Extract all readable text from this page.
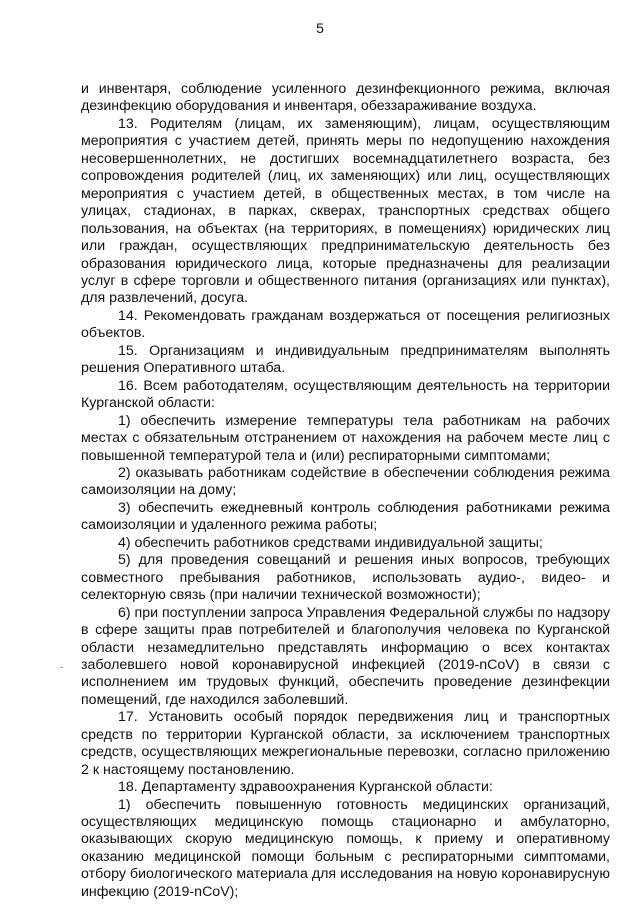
5

и инвентаря, соблюдение усиленного дезинфекционного режима, включая дезинфекцию оборудования и инвентаря, обеззараживание воздуха.

13. Родителям (лицам, их заменяющим), лицам, осуществляющим мероприятия с участием детей, принять меры по недопущению нахождения несовершеннолетних, не достигших восемнадцатилетнего возраста, без сопровождения родителей (лиц, их заменяющих) или лиц, осуществляющих мероприятия с участием детей, в общественных местах, в том числе на улицах, стадионах, в парках, скверах, транспортных средствах общего пользования, на объектах (на территориях, в помещениях) юридических лиц или граждан, осуществляющих предпринимательскую деятельность без образования юридического лица, которые предназначены для реализации услуг в сфере торговли и общественного питания (организациях или пунктах), для развлечений, досуга.

14. Рекомендовать гражданам воздержаться от посещения религиозных объектов.

15. Организациям и индивидуальным предпринимателям выполнять решения Оперативного штаба.

16. Всем работодателям, осуществляющим деятельность на территории Курганской области:

1) обеспечить измерение температуры тела работникам на рабочих местах с обязательным отстранением от нахождения на рабочем месте лиц с повышенной температурой тела и (или) респираторными симптомами;

2) оказывать работникам содействие в обеспечении соблюдения режима самоизоляции на дому;

3) обеспечить ежедневный контроль соблюдения работниками режима самоизоляции и удаленного режима работы;

4) обеспечить работников средствами индивидуальной защиты;

5) для проведения совещаний и решения иных вопросов, требующих совместного пребывания работников, использовать аудио-, видео- и селекторную связь (при наличии технической возможности);

6) при поступлении запроса Управления Федеральной службы по надзору в сфере защиты прав потребителей и благополучия человека по Курганской области незамедлительно представлять информацию о всех контактах заболевшего новой коронавирусной инфекцией (2019-nCoV) в связи с исполнением им трудовых функций, обеспечить проведение дезинфекции помещений, где находился заболевший.

17. Установить особый порядок передвижения лиц и транспортных средств по территории Курганской области, за исключением транспортных средств, осуществляющих межрегиональные перевозки, согласно приложению 2 к настоящему постановлению.

18. Департаменту здравоохранения Курганской области:

1) обеспечить повышенную готовность медицинских организаций, осуществляющих медицинскую помощь стационарно и амбулаторно, оказывающих скорую медицинскую помощь, к приему и оперативному оказанию медицинской помощи больным с респираторными симптомами, отбору биологического материала для исследования на новую коронавирусную инфекцию (2019-nCoV);
